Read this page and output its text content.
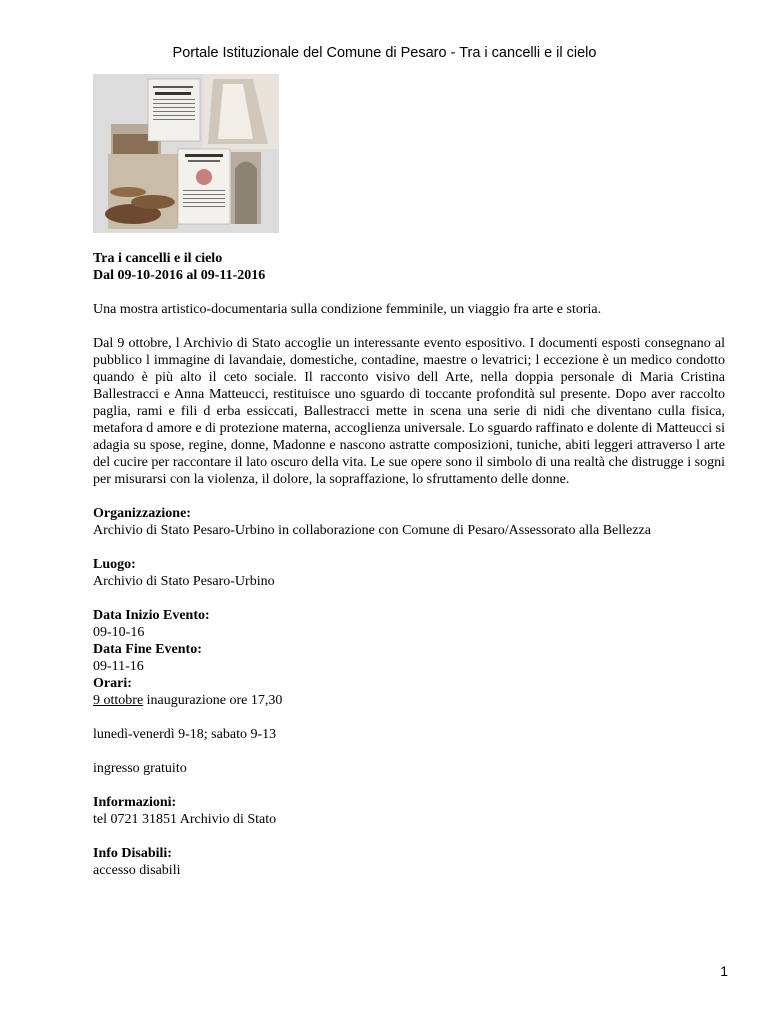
Portale Istituzionale del Comune di Pesaro - Tra i cancelli e il cielo

Tra i cancelli e il cielo

Dal 09-10-2016 al 09-11-2016

Una mostra artistico-documentaria sulla condizione femminile, un viaggio fra arte e storia.

Dal 9 ottobre, l Archivio di Stato accoglie un interessante evento espositivo. I documenti esposti consegnano al pubblico l immagine di lavandaie, domestiche, contadine, maestre o levatrici; l eccezione è un medico condotto quando è più alto il ceto sociale. Il racconto visivo dell Arte, nella doppia personale di Maria Cristina Ballestracci e Anna Matteucci, restituisce uno sguardo di toccante profondità sul presente. Dopo aver raccolto paglia, rami e fili d erba essiccati, Ballestracci mette in scena una serie di nidi che diventano culla fisica, metafora d amore e di protezione materna, accoglienza universale. Lo sguardo raffinato e dolente di Matteucci si adagia su spose, regine, donne, Madonne e nascono astratte composizioni, tuniche, abiti leggeri attraverso l arte del cucire per raccontare il lato oscuro della vita. Le sue opere sono il simbolo di una realtà che distrugge i sogni per misurarsi con la violenza, il dolore, la sopraffazione, lo sfruttamento delle donne.

Organizzazione:

Archivio di Stato Pesaro-Urbino in collaborazione con Comune di Pesaro/Assessorato alla Bellezza

Luogo:

Archivio di Stato Pesaro-Urbino

Data Inizio Evento:

09-10-16

Data Fine Evento:

09-11-16

Orari:

9 ottobre inaugurazione ore 17,30

lunedì-venerdì 9-18; sabato 9-13

ingresso gratuito

Informazioni:

tel 0721 31851 Archivio di Stato

Info Disabili:

accesso disabili

1
